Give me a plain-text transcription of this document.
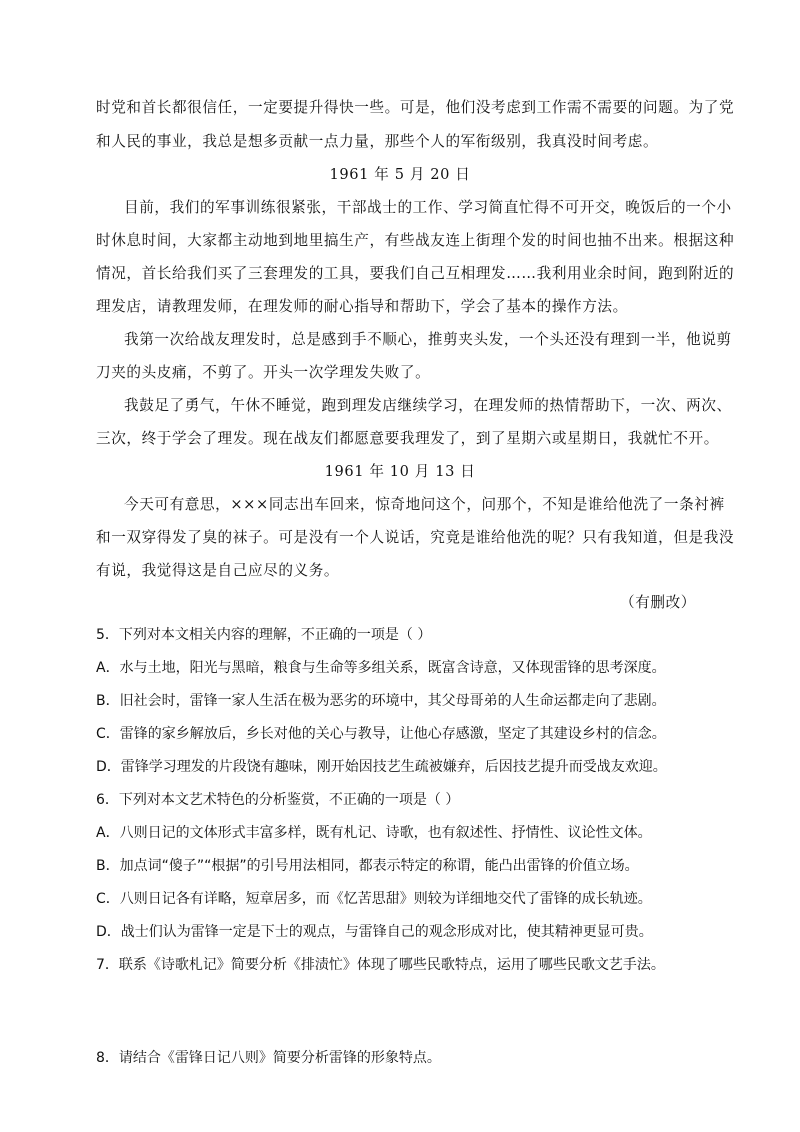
时党和首长都很信任，一定要提升得快一些。可是，他们没考虑到工作需不需要的问题。为了党
和人民的事业，我总是想多贡献一点力量，那些个人的军衔级别，我真没时间考虑。
1961 年 5 月 20 日
目前，我们的军事训练很紧张，干部战士的工作、学习简直忙得不可开交，晚饭后的一个小
时休息时间，大家都主动地到地里搞生产，有些战友连上街理个发的时间也抽不出来。根据这种
情况，首长给我们买了三套理发的工具，要我们自己互相理发……我利用业余时间，跑到附近的
理发店，请教理发师，在理发师的耐心指导和帮助下，学会了基本的操作方法。
我第一次给战友理发时，总是感到手不顺心，推剪夹头发，一个头还没有理到一半，他说剪
刀夹的头皮痛，不剪了。开头一次学理发失败了。
我鼓足了勇气，午休不睡觉，跑到理发店继续学习，在理发师的热情帮助下，一次、两次、
三次，终于学会了理发。现在战友们都愿意要我理发了，到了星期六或星期日，我就忙不开。
1961 年 10 月 13 日
今天可有意思，×××同志出车回来，惊奇地问这个，问那个，不知是谁给他洗了一条衬裤
和一双穿得发了臭的袜子。可是没有一个人说话，究竟是谁给他洗的呢？只有我知道，但是我没
有说，我觉得这是自己应尽的义务。
（有删改）
5．下列对本文相关内容的理解，不正确的一项是（ ）
A．水与土地，阳光与黑暗，粮食与生命等多组关系，既富含诗意，又体现雷锋的思考深度。
B．旧社会时，雷锋一家人生活在极为恶劣的环境中，其父母哥弟的人生命运都走向了悲剧。
C．雷锋的家乡解放后，乡长对他的关心与教导，让他心存感激，坚定了其建设乡村的信念。
D．雷锋学习理发的片段饶有趣味，刚开始因技艺生疏被嫌弃，后因技艺提升而受战友欢迎。
6．下列对本文艺术特色的分析鉴赏，不正确的一项是（ ）
A．八则日记的文体形式丰富多样，既有札记、诗歌，也有叙述性、抒情性、议论性文体。
B．加点词“傻子”“根据”的引号用法相同，都表示特定的称谓，能凸出雷锋的价值立场。
C．八则日记各有详略，短章居多，而《忆苦思甜》则较为详细地交代了雷锋的成长轨迹。
D．战士们认为雷锋一定是下士的观点，与雷锋自己的观念形成对比，使其精神更显可贵。
7．联系《诗歌札记》简要分析《排渍忙》体现了哪些民歌特点，运用了哪些民歌文艺手法。
8．请结合《雷锋日记八则》简要分析雷锋的形象特点。
